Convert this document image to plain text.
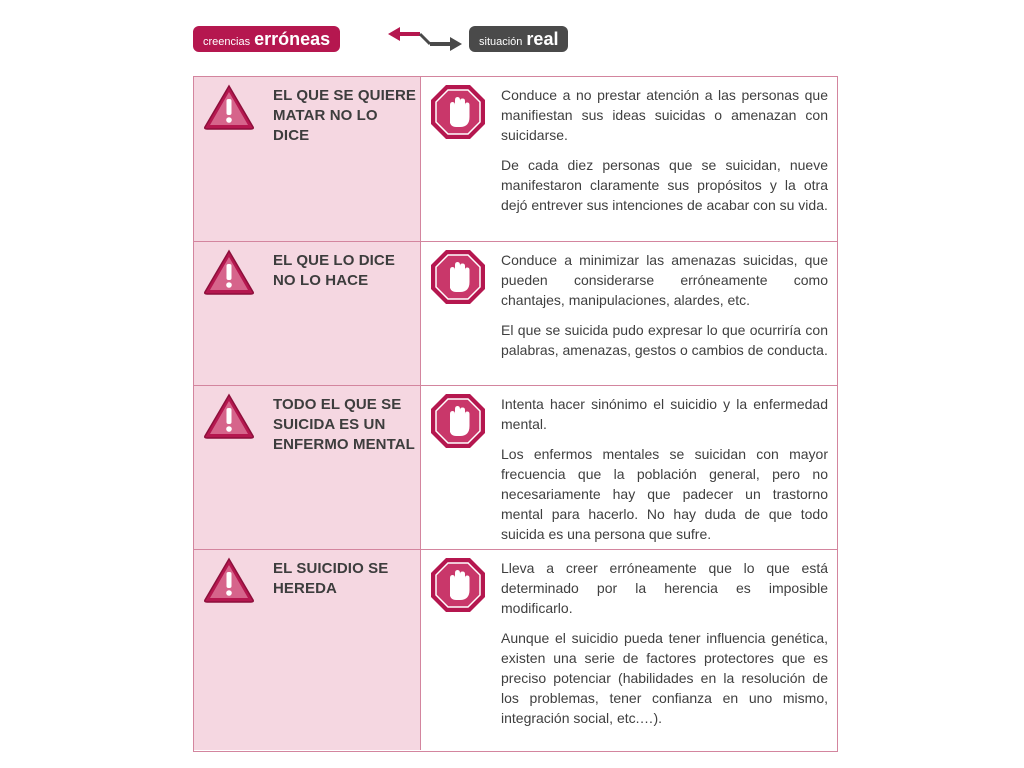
creencias erróneas	situación real
EL QUE SE QUIERE MATAR NO LO DICE

Conduce a no prestar atención a las personas que manifiestan sus ideas suicidas o amenazan con suicidarse.

De cada diez personas que se suicidan, nueve manifestaron claramente sus propósitos y la otra dejó entrever sus intenciones de acabar con su vida.

EL QUE LO DICE NO LO HACE

Conduce a minimizar las amenazas suicidas, que pueden considerarse erróneamente como chantajes, manipulaciones, alardes, etc.

El que se suicida pudo expresar lo que ocurriría con palabras, amenazas, gestos o cambios de conducta.

TODO EL QUE SE SUICIDA ES UN ENFERMO MENTAL

Intenta hacer sinónimo el suicidio y la enfermedad mental.

Los enfermos mentales se suicidan con mayor frecuencia que la población general, pero no necesariamente hay que padecer un trastorno mental para hacerlo. No hay duda de que todo suicida es una persona que sufre.

EL SUICIDIO SE HEREDA

Lleva a creer erróneamente que lo que está determinado por la herencia es imposible modificarlo.

Aunque el suicidio pueda tener influencia genética, existen una serie de factores protectores que es preciso potenciar (habilidades en la resolución de los problemas, tener confianza en uno mismo, integración social, etc.…).
